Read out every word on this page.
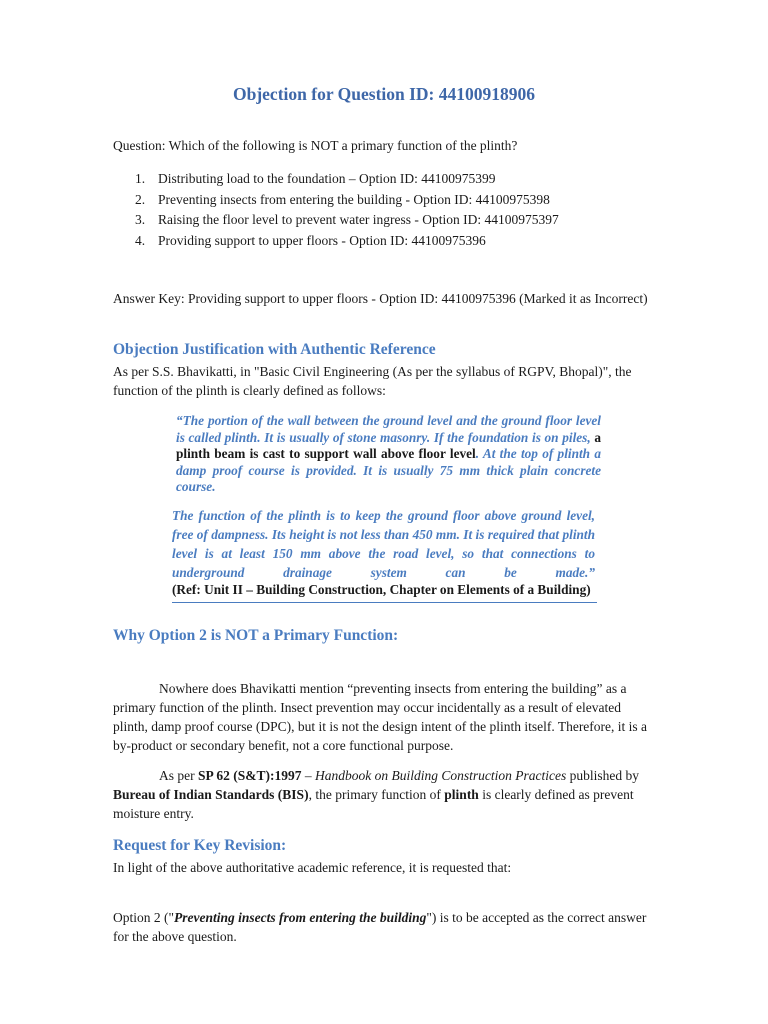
Objection for Question ID: 44100918906
Question: Which of the following is NOT a primary function of the plinth?
1. Distributing load to the foundation – Option ID: 44100975399
2. Preventing insects from entering the building - Option ID: 44100975398
3. Raising the floor level to prevent water ingress - Option ID: 44100975397
4. Providing support to upper floors - Option ID: 44100975396
Answer Key: Providing support to upper floors - Option ID: 44100975396 (Marked it as Incorrect)
Objection Justification with Authentic Reference
As per S.S. Bhavikatti, in "Basic Civil Engineering (As per the syllabus of RGPV, Bhopal)", the function of the plinth is clearly defined as follows:
“The portion of the wall between the ground level and the ground floor level is called plinth. It is usually of stone masonry. If the foundation is on piles, a plinth beam is cast to support wall above floor level. At the top of plinth a damp proof course is provided. It is usually 75 mm thick plain concrete course.
The function of the plinth is to keep the ground floor above ground level, free of dampness. Its height is not less than 450 mm. It is required that plinth level is at least 150 mm above the road level, so that connections to underground drainage system can be made.”
(Ref: Unit II – Building Construction, Chapter on Elements of a Building)
Why Option 2 is NOT a Primary Function:
Nowhere does Bhavikatti mention “preventing insects from entering the building” as a primary function of the plinth. Insect prevention may occur incidentally as a result of elevated plinth, damp proof course (DPC), but it is not the design intent of the plinth itself. Therefore, it is a by-product or secondary benefit, not a core functional purpose.
As per SP 62 (S&T):1997 – Handbook on Building Construction Practices published by Bureau of Indian Standards (BIS), the primary function of plinth is clearly defined as prevent moisture entry.
Request for Key Revision:
In light of the above authoritative academic reference, it is requested that:
Option 2 ("Preventing insects from entering the building") is to be accepted as the correct answer for the above question.
